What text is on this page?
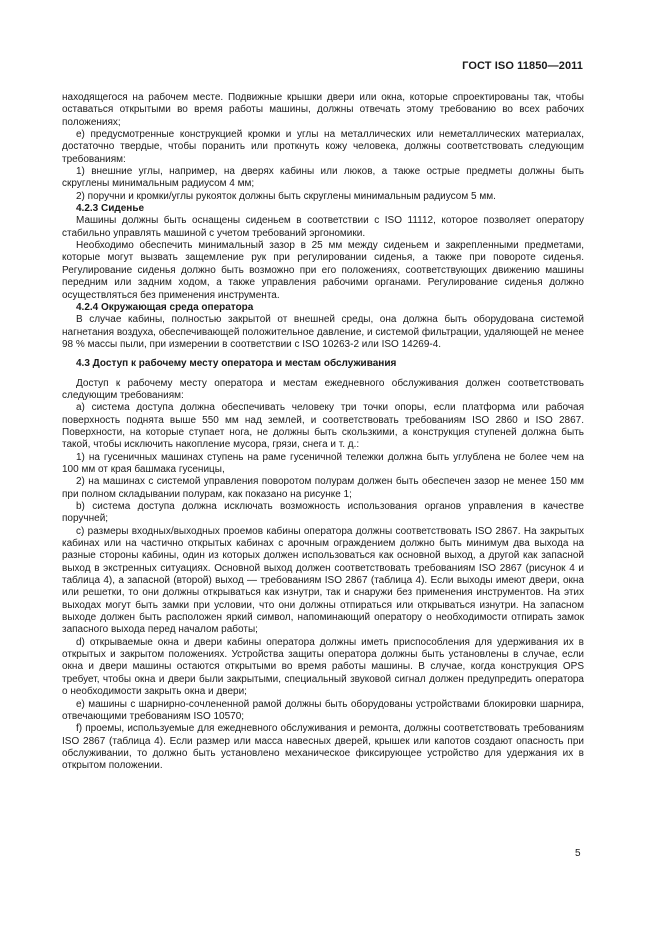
ГОСТ ISO 11850—2011

находящегося на рабочем месте. Подвижные крышки двери или окна, которые спроектированы так, чтобы оставаться открытыми во время работы машины, должны отвечать этому требованию во всех рабочих положениях;

e) предусмотренные конструкцией кромки и углы на металлических или неметаллических материалах, достаточно твердые, чтобы поранить или проткнуть кожу человека, должны соответствовать следующим требованиям:

1) внешние углы, например, на дверях кабины или люков, а также острые предметы должны быть скруглены минимальным радиусом 4 мм;

2) поручни и кромки/углы рукояток должны быть скруглены минимальным радиусом 5 мм.

4.2.3 Сиденье

Машины должны быть оснащены сиденьем в соответствии с ISO 11112, которое позволяет оператору стабильно управлять машиной с учетом требований эргономики.

Необходимо обеспечить минимальный зазор в 25 мм между сиденьем и закрепленными предметами, которые могут вызвать защемление рук при регулировании сиденья, а также при повороте сиденья. Регулирование сиденья должно быть возможно при его положениях, соответствующих движению машины передним или задним ходом, а также управления рабочими органами. Регулирование сиденья должно осуществляться без применения инструмента.

4.2.4 Окружающая среда оператора

В случае кабины, полностью закрытой от внешней среды, она должна быть оборудована системой нагнетания воздуха, обеспечивающей положительное давление, и системой фильтрации, удаляющей не менее 98 % массы пыли, при измерении в соответствии с ISO 10263-2 или ISO 14269-4.

4.3 Доступ к рабочему месту оператора и местам обслуживания

Доступ к рабочему месту оператора и местам ежедневного обслуживания должен соответствовать следующим требованиям:

a) система доступа должна обеспечивать человеку три точки опоры, если платформа или рабочая поверхность поднята выше 550 мм над землей, и соответствовать требованиям ISO 2860 и ISO 2867. Поверхности, на которые ступает нога, не должны быть скользкими, а конструкция ступеней должна быть такой, чтобы исключить накопление мусора, грязи, снега и т. д.:

1) на гусеничных машинах ступень на раме гусеничной тележки должна быть углублена не более чем на 100 мм от края башмака гусеницы,

2) на машинах с системой управления поворотом полурам должен быть обеспечен зазор не менее 150 мм при полном складывании полурам, как показано на рисунке 1;

b) система доступа должна исключать возможность использования органов управления в качестве поручней;

c) размеры входных/выходных проемов кабины оператора должны соответствовать ISO 2867. На закрытых кабинах или на частично открытых кабинах с арочным ограждением должно быть минимум два выхода на разные стороны кабины, один из которых должен использоваться как основной выход, а другой как запасной выход в экстренных ситуациях. Основной выход должен соответствовать требованиям ISO 2867 (рисунок 4 и таблица 4), а запасной (второй) выход — требованиям ISO 2867 (таблица 4). Если выходы имеют двери, окна или решетки, то они должны открываться как изнутри, так и снаружи без применения инструментов. На этих выходах могут быть замки при условии, что они должны отпираться или открываться изнутри. На запасном выходе должен быть расположен яркий символ, напоминающий оператору о необходимости отпирать замок запасного выхода перед началом работы;

d) открываемые окна и двери кабины оператора должны иметь приспособления для удерживания их в открытых и закрытом положениях. Устройства защиты оператора должны быть установлены в случае, если окна и двери машины остаются открытыми во время работы машины. В случае, когда конструкция OPS требует, чтобы окна и двери были закрытыми, специальный звуковой сигнал должен предупредить оператора о необходимости закрыть окна и двери;

e) машины с шарнирно-сочлененной рамой должны быть оборудованы устройствами блокировки шарнира, отвечающими требованиям ISO 10570;

f) проемы, используемые для ежедневного обслуживания и ремонта, должны соответствовать требованиям ISO 2867 (таблица 4). Если размер или масса навесных дверей, крышек или капотов создают опасность при обслуживании, то должно быть установлено механическое фиксирующее устройство для удержания их в открытом положении.

5
